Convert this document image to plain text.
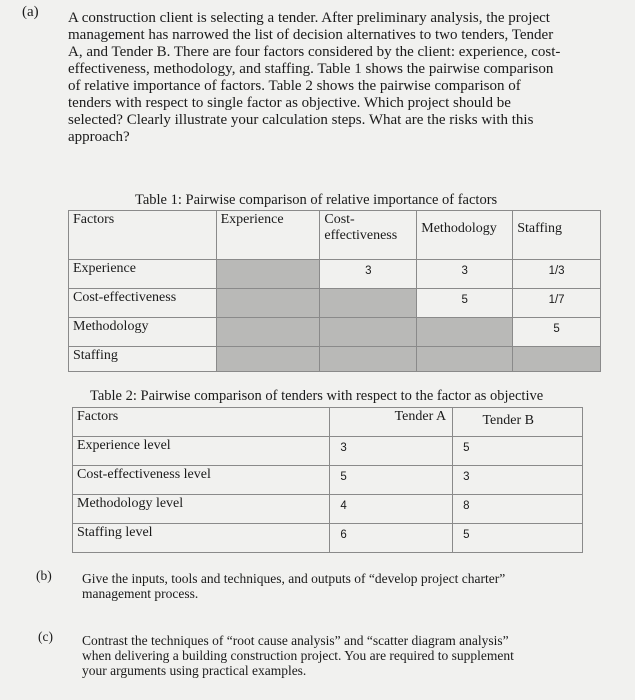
(a) A construction client is selecting a tender. After preliminary analysis, the project
management has narrowed the list of decision alternatives to two tenders, Tender
A, and Tender B. There are four factors considered by the client: experience, cost-
effectiveness, methodology, and staffing. Table 1 shows the pairwise comparison
of relative importance of factors. Table 2 shows the pairwise comparison of
tenders with respect to single factor as objective. Which project should be
selected? Clearly illustrate your calculation steps. What are the risks with this
approach?
Table 1: Pairwise comparison of relative importance of factors
Factors	Experience	Cost-effectiveness	Methodology	Staffing
Experience		3	3	1/3
Cost-effectiveness			5	1/7
Methodology				5
Staffing				
Table 2: Pairwise comparison of tenders with respect to the factor as objective
Factors	Tender A	Tender B
Experience level	3	5
Cost-effectiveness level	5	3
Methodology level	4	8
Staffing level	6	5
(b) Give the inputs, tools and techniques, and outputs of “develop project charter”
management process.
(c) Contrast the techniques of “root cause analysis” and “scatter diagram analysis”
when delivering a building construction project. You are required to supplement
your arguments using practical examples.
